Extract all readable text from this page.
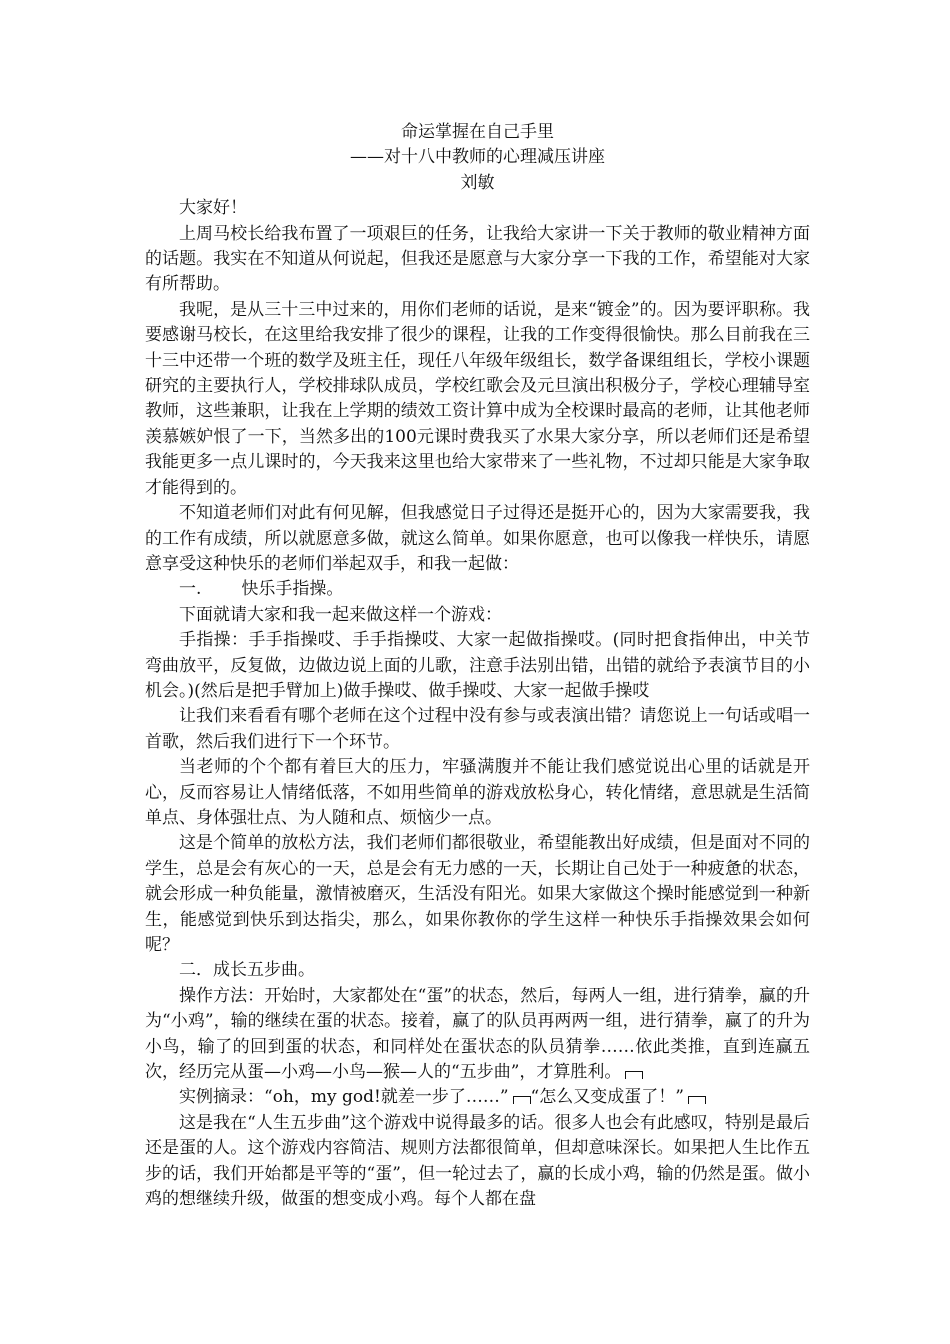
命运掌握在自己手里
——对十八中教师的心理减压讲座
刘敏

大家好！

上周马校长给我布置了一项艰巨的任务，让我给大家讲一下关于教师的敬业精神方面的话题。我实在不知道从何说起，但我还是愿意与大家分享一下我的工作，希望能对大家有所帮助。

我呢，是从三十三中过来的，用你们老师的话说，是来“镀金”的。因为要评职称。我要感谢马校长，在这里给我安排了很少的课程，让我的工作变得很愉快。那么目前我在三十三中还带一个班的数学及班主任，现任八年级年级组长，数学备课组组长，学校小课题研究的主要执行人，学校排球队成员，学校红歌会及元旦演出积极分子，学校心理辅导室教师，这些兼职，让我在上学期的绩效工资计算中成为全校课时最高的老师，让其他老师羡慕嫉妒恨了一下，当然多出的100元课时费我买了水果大家分享，所以老师们还是希望我能更多一点儿课时的，今天我来这里也给大家带来了一些礼物，不过却只能是大家争取才能得到的。

不知道老师们对此有何见解，但我感觉日子过得还是挺开心的，因为大家需要我，我的工作有成绩，所以就愿意多做，就这么简单。如果你愿意，也可以像我一样快乐，请愿意享受这种快乐的老师们举起双手，和我一起做：

一. 快乐手指操。

下面就请大家和我一起来做这样一个游戏：

手指操：手手指操哎、手手指操哎、大家一起做指操哎。(同时把食指伸出，中关节弯曲放平，反复做，边做边说上面的儿歌，注意手法别出错，出错的就给予表演节目的小机会。)(然后是把手臂加上)做手操哎、做手操哎、大家一起做手操哎

让我们来看看有哪个老师在这个过程中没有参与或表演出错？请您说上一句话或唱一首歌，然后我们进行下一个环节。

当老师的个个都有着巨大的压力，牢骚满腹并不能让我们感觉说出心里的话就是开心，反而容易让人情绪低落，不如用些简单的游戏放松身心，转化情绪，意思就是生活简单点、身体强壮点、为人随和点、烦恼少一点。

这是个简单的放松方法，我们老师们都很敬业，希望能教出好成绩，但是面对不同的学生，总是会有灰心的一天，总是会有无力感的一天，长期让自己处于一种疲惫的状态，就会形成一种负能量，激情被磨灭，生活没有阳光。如果大家做这个操时能感觉到一种新生，能感觉到快乐到达指尖，那么，如果你教你的学生这样一种快乐手指操效果会如何呢？

二．成长五步曲。

操作方法：开始时，大家都处在“蛋”的状态，然后，每两人一组，进行猜拳，赢的升为“小鸡”，输的继续在蛋的状态。接着，赢了的队员再两两一组，进行猜拳，赢了的升为小鸟，输了的回到蛋的状态，和同样处在蛋状态的队员猜拳……依此类推，直到连赢五次，经历完从蛋—小鸡—小鸟—猴—人的“五步曲”，才算胜利。

实例摘录：“oh，my god!就差一步了……” “怎么又变成蛋了！”

这是我在“人生五步曲”这个游戏中说得最多的话。很多人也会有此感叹，特别是最后还是蛋的人。这个游戏内容简洁、规则方法都很简单，但却意味深长。如果把人生比作五步的话，我们开始都是平等的“蛋”，但一轮过去了，赢的长成小鸡，输的仍然是蛋。做小鸡的想继续升级，做蛋的想变成小鸡。每个人都在盘
